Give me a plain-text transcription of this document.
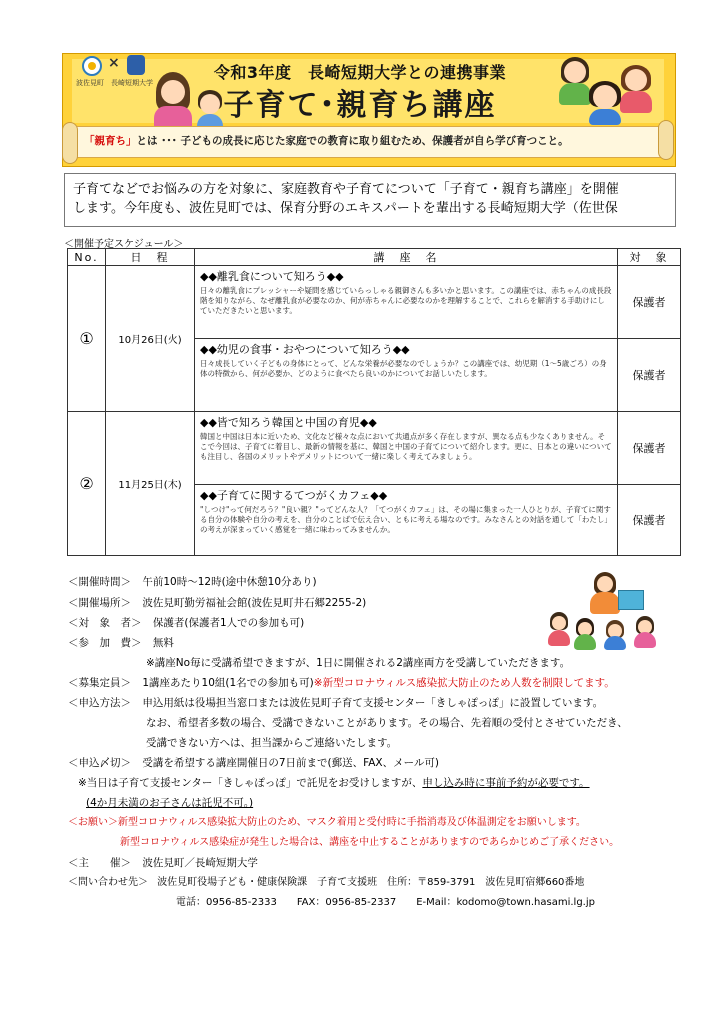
×
波佐見町　長崎短期大学
令和3年度　長崎短期大学との連携事業
子育て･親育ち講座
「親育ち」とは ･･･ 子どもの成長に応じた家庭での教育に取り組むため、保護者が自ら学び育つこと。

子育てなどでお悩みの方を対象に、家庭教育や子育てについて「子育て・親育ち講座」を開催

します。今年度も、波佐見町では、保育分野のエキスパートを輩出する長崎短期大学（佐世保

＜開催予定スケジュール＞
No.	日　程	講　座　名	対　象
①	10月26日(火)	◆◆離乳食について知ろう◆◆
日々の離乳食にプレッシャーや疑問を感じていらっしゃる親御さんも多いかと思います。この講座では、赤ちゃんの成長段階を知りながら、なぜ離乳食が必要なのか、何が赤ちゃんに必要なのかを理解することで、これらを解消する手助けにしていただきたいと思います。	保護者

		◆◆幼児の食事・おやつについて知ろう◆◆
日々成長していく子どもの身体にとって、どんな栄養が必要なのでしょうか？この講座では、幼児期（1～5歳ごろ）の身体の特徴から、何が必要か、どのように食べたら良いのかについてお話しいたします。	保護者
②	11月25日(木)	◆◆皆で知ろう韓国と中国の育児◆◆
韓国と中国は日本に近いため、文化など様々な点において共通点が多く存在しますが、異なる点も少なくありません。そこで今回は、子育てに着目し、最新の情報を基に、韓国と中国の子育てについて紹介します。更に、日本との違いについても注目し、各国のメリットやデメリットについて一緒に楽しく考えてみましょう。	保護者

		◆◆子育てに関するてつがくカフェ◆◆
"しつけ"って何だろう？"良い親？"ってどんな人？「てつがくカフェ」は、その場に集まった一人ひとりが、子育てに関する自分の体験や自分の考えを、自分のことばで伝え合い、ともに考える場なのです。みなさんとの対話を通して「わたし」の考えが深まっていく感覚を一緒に味わってみませんか。	保護者
＜開催時間＞ 午前10時～12時(途中休憩10分あり)
＜開催場所＞ 波佐見町勤労福祉会館(波佐見町井石郷2255-2)
＜対　象　者＞ 保護者(保護者1人での参加も可)
＜参　加　費＞ 無料
※講座No毎に受講希望できますが、1日に開催される2講座両方を受講していただきます。
＜募集定員＞ 1講座あたり10組(1名での参加も可)※新型コロナウィルス感染拡大防止のため人数を制限してます。
＜申込方法＞ 申込用紙は役場担当窓口または波佐見町子育て支援センター「きしゃぽっぽ」に設置しています。
なお、希望者多数の場合、受講できないことがあります。その場合、先着順の受付とさせていただき、
受講できない方へは、担当課からご連絡いたします。
＜申込〆切＞ 受講を希望する講座開催日の7日前まで(郵送、FAX、メール可)
※当日は子育て支援センター「きしゃぽっぽ」で託児をお受けしますが、申し込み時に事前予約が必要です。
(4か月未満のお子さんは託児不可。)
＜お願い＞新型コロナウィルス感染拡大防止のため、マスク着用と受付時に手指消毒及び体温測定をお願いします。
新型コロナウィルス感染症が発生した場合は、講座を中止することがありますのであらかじめご了承ください。
＜主　　催＞ 波佐見町／長崎短期大学
＜問い合わせ先＞ 波佐見町役場子ども・健康保険課　子育て支援班　住所：〒859-3791　波佐見町宿郷660番地
電話：0956-85-2333　　FAX：0956-85-2337　　E-Mail：kodomo@town.hasami.lg.jp
